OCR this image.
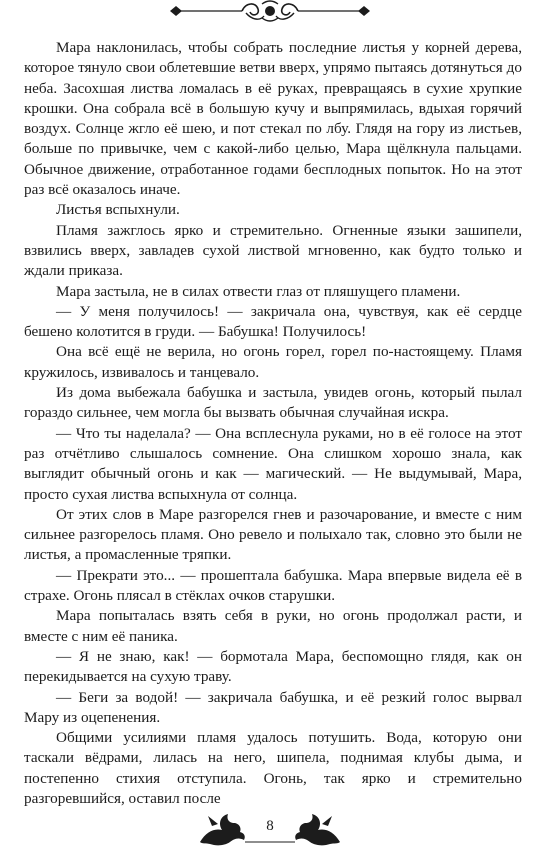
Мара наклонилась, чтобы собрать последние листья у корней дерева, которое тянуло свои облетевшие ветви вверх, упрямо пытаясь дотянуться до неба. Засохшая листва ломалась в её руках, превращаясь в сухие хрупкие крошки. Она собрала всё в большую кучу и выпрямилась, вдыхая горячий воздух. Солнце жгло её шею, и пот стекал по лбу. Глядя на гору из листьев, больше по привычке, чем с какой-либо целью, Мара щёлкнула пальцами. Обычное движение, отработанное годами бесплодных попыток. Но на этот раз всё оказалось иначе.

Листья вспыхнули.

Пламя зажглось ярко и стремительно. Огненные языки зашипели, взвились вверх, завладев сухой листвой мгновенно, как будто только и ждали приказа.

Мара застыла, не в силах отвести глаз от пляшущего пламени.

— У меня получилось! — закричала она, чувствуя, как её сердце бешено колотится в груди. — Бабушка! Получилось!

Она всё ещё не верила, но огонь горел, горел по-настоящему. Пламя кружилось, извивалось и танцевало.

Из дома выбежала бабушка и застыла, увидев огонь, который пылал гораздо сильнее, чем могла бы вызвать обычная случайная искра.

— Что ты наделала? — Она всплеснула руками, но в её голосе на этот раз отчётливо слышалось сомнение. Она слишком хорошо знала, как выглядит обычный огонь и как — магический. — Не выдумывай, Мара, просто сухая листва вспыхнула от солнца.

От этих слов в Маре разгорелся гнев и разочарование, и вместе с ним сильнее разгорелось пламя. Оно ревело и полыхало так, словно это были не листья, а промасленные тряпки.

— Прекрати это... — прошептала бабушка. Мара впервые видела её в страхе. Огонь плясал в стёклах очков старушки.

Мара попыталась взять себя в руки, но огонь продолжал расти, и вместе с ним её паника.

— Я не знаю, как! — бормотала Мара, беспомощно глядя, как он перекидывается на сухую траву.

— Беги за водой! — закричала бабушка, и её резкий голос вырвал Мару из оцепенения.

Общими усилиями пламя удалось потушить. Вода, которую они таскали вёдрами, лилась на него, шипела, поднимая клубы дыма, и постепенно стихия отступила. Огонь, так ярко и стремительно разгоревшийся, оставил после

8
